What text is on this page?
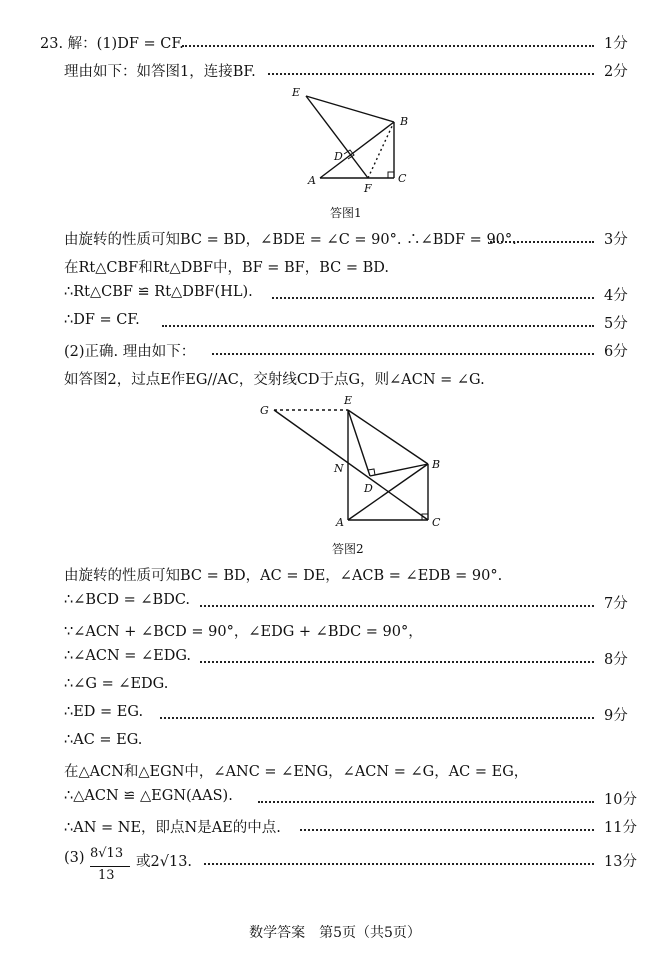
23. 解：(1)DF = CF.	1分
理由如下：如答图1，连接BF.	2分
由旋转的性质可知BC = BD，∠BDE = ∠C = 90°. ∴∠BDF = 90°.	3分
在Rt△CBF和Rt△DBF中，BF = BF，BC = BD.
∴Rt△CBF ≌ Rt△DBF(HL).	4分
∴DF = CF.	5分
(2)正确. 理由如下：	6分
如答图2，过点E作EG//AC，交射线CD于点G，则∠ACN = ∠G.
由旋转的性质可知BC = BD，AC = DE，∠ACB = ∠EDB = 90°.
∴∠BCD = ∠BDC.	7分
∵∠ACN + ∠BCD = 90°，∠EDG + ∠BDC = 90°，
∴∠ACN = ∠EDG.	8分
∴∠G = ∠EDG.
∴ED = EG.	9分
∴AC = EG.
在△ACN和△EGN中，∠ANC = ∠ENG，∠ACN = ∠G，AC = EG，
∴△ACN ≌ △EGN(AAS).	10分
∴AN = NE，即点N是AE的中点.	11分
(3) 8√13
13
或2√13.	13分
E
B
D
A
F
C
答图1
G
E
N	B
D
A	C
答图2
数学答案　第5页（共5页）
